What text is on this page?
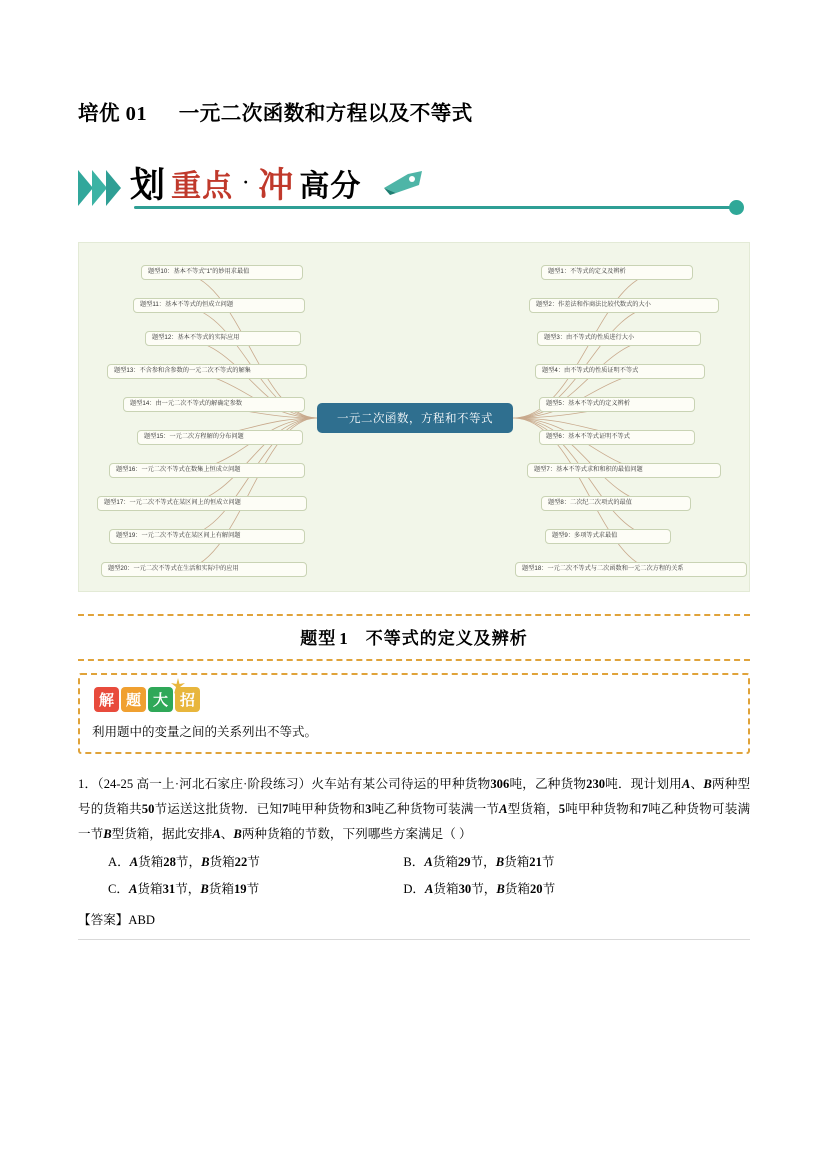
培优 01 一元二次函数和方程以及不等式
划 重点 · 冲 高分
一元二次函数，方程和不等式
题型10：基本不等式"1"的妙用求最值
题型11：基本不等式的恒成立问题
题型12：基本不等式的实际应用
题型13：不含参和含参数的一元二次不等式的解集
题型14：由一元二次不等式的解确定参数
题型15：一元二次方程解的分布问题
题型16：一元二次不等式在数集上恒成立问题
题型17：一元二次不等式在某区间上的恒成立问题
题型19：一元二次不等式在某区间上有解问题
题型20：一元二次不等式在生活和实际中的应用
题型1：不等式的定义及辨析
题型2：作差法和作商法比较代数式的大小
题型3：由不等式的性质进行大小
题型4：由不等式的性质证明不等式
题型5：基本不等式的定义辨析
题型6：基本不等式证明不等式
题型7：基本不等式求和和积的最值问题
题型8：二次纪二次项式的最值
题型9：多项等式求最值
题型18：一元二次不等式与二次函数和一元二次方程的关系
题型 1 不等式的定义及辨析
解 题 大 招
利用题中的变量之间的关系列出不等式。
1．（24-25 高一上·河北石家庄·阶段练习）火车站有某公司待运的甲种货物306吨，乙种货物230吨．现计划用A、B两种型号的货箱共50节运送这批货物．已知7吨甲种货物和3吨乙种货物可装满一节A型货箱，5吨甲种货物和7吨乙种货物可装满一节B型货箱，据此安排A、B两种货箱的节数，下列哪些方案满足（ ）
A．A货箱28节，B货箱22节	B．A货箱29节，B货箱21节
C．A货箱31节，B货箱19节	D．A货箱30节，B货箱20节
【答案】ABD
